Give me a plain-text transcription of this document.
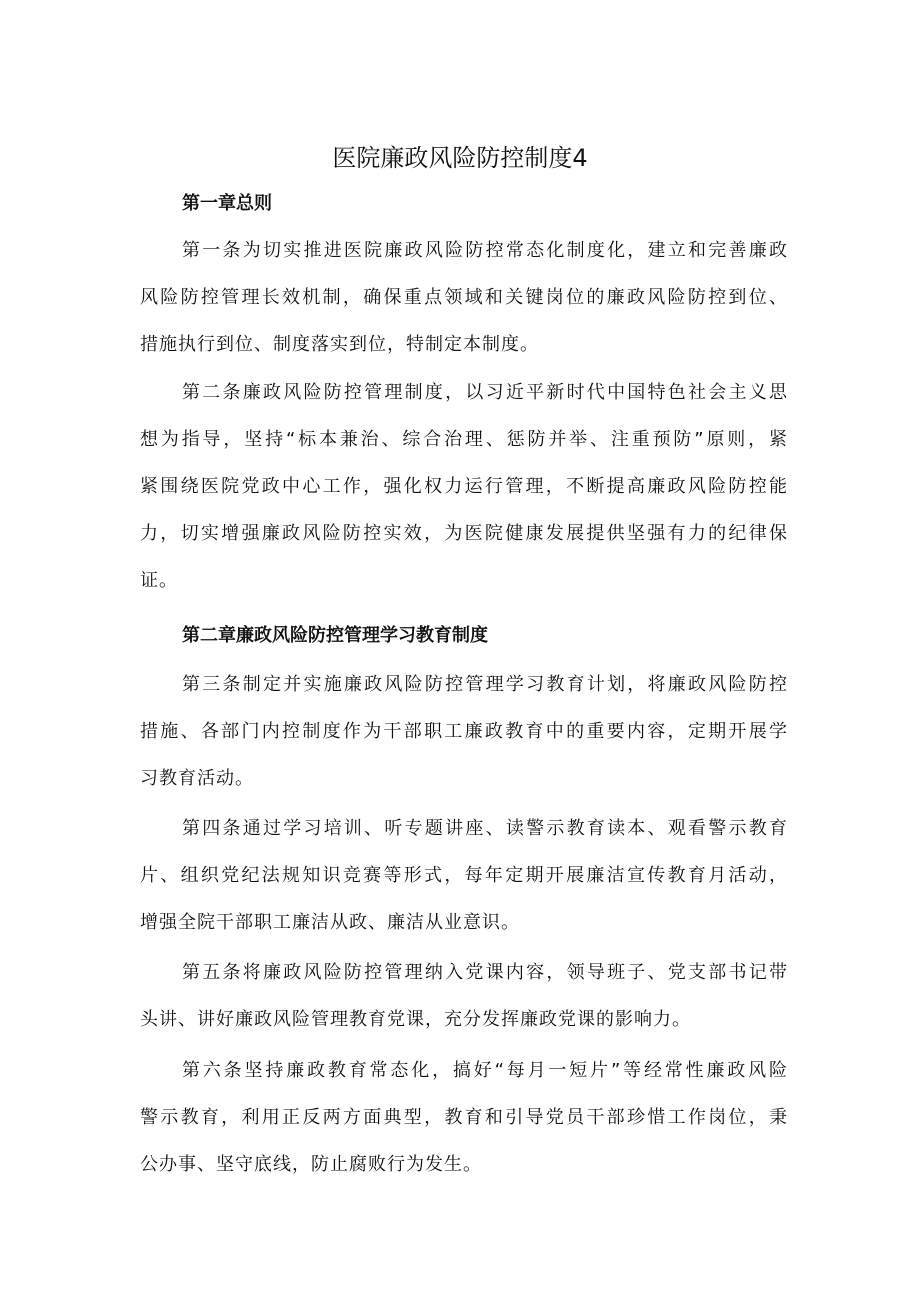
医院廉政风险防控制度4
第一章总则
第一条为切实推进医院廉政风险防控常态化制度化，建立和完善廉政
风险防控管理长效机制，确保重点领域和关键岗位的廉政风险防控到位、
措施执行到位、制度落实到位，特制定本制度。
第二条廉政风险防控管理制度，以习近平新时代中国特色社会主义思
想为指导，坚持“标本兼治、综合治理、惩防并举、注重预防”原则，紧
紧围绕医院党政中心工作，强化权力运行管理，不断提高廉政风险防控能
力，切实增强廉政风险防控实效，为医院健康发展提供坚强有力的纪律保
证。
第二章廉政风险防控管理学习教育制度
第三条制定并实施廉政风险防控管理学习教育计划，将廉政风险防控
措施、各部门内控制度作为干部职工廉政教育中的重要内容，定期开展学
习教育活动。
第四条通过学习培训、听专题讲座、读警示教育读本、观看警示教育
片、组织党纪法规知识竞赛等形式，每年定期开展廉洁宣传教育月活动，
增强全院干部职工廉洁从政、廉洁从业意识。
第五条将廉政风险防控管理纳入党课内容，领导班子、党支部书记带
头讲、讲好廉政风险管理教育党课，充分发挥廉政党课的影响力。
第六条坚持廉政教育常态化，搞好“每月一短片”等经常性廉政风险
警示教育，利用正反两方面典型，教育和引导党员干部珍惜工作岗位，秉
公办事、坚守底线，防止腐败行为发生。
